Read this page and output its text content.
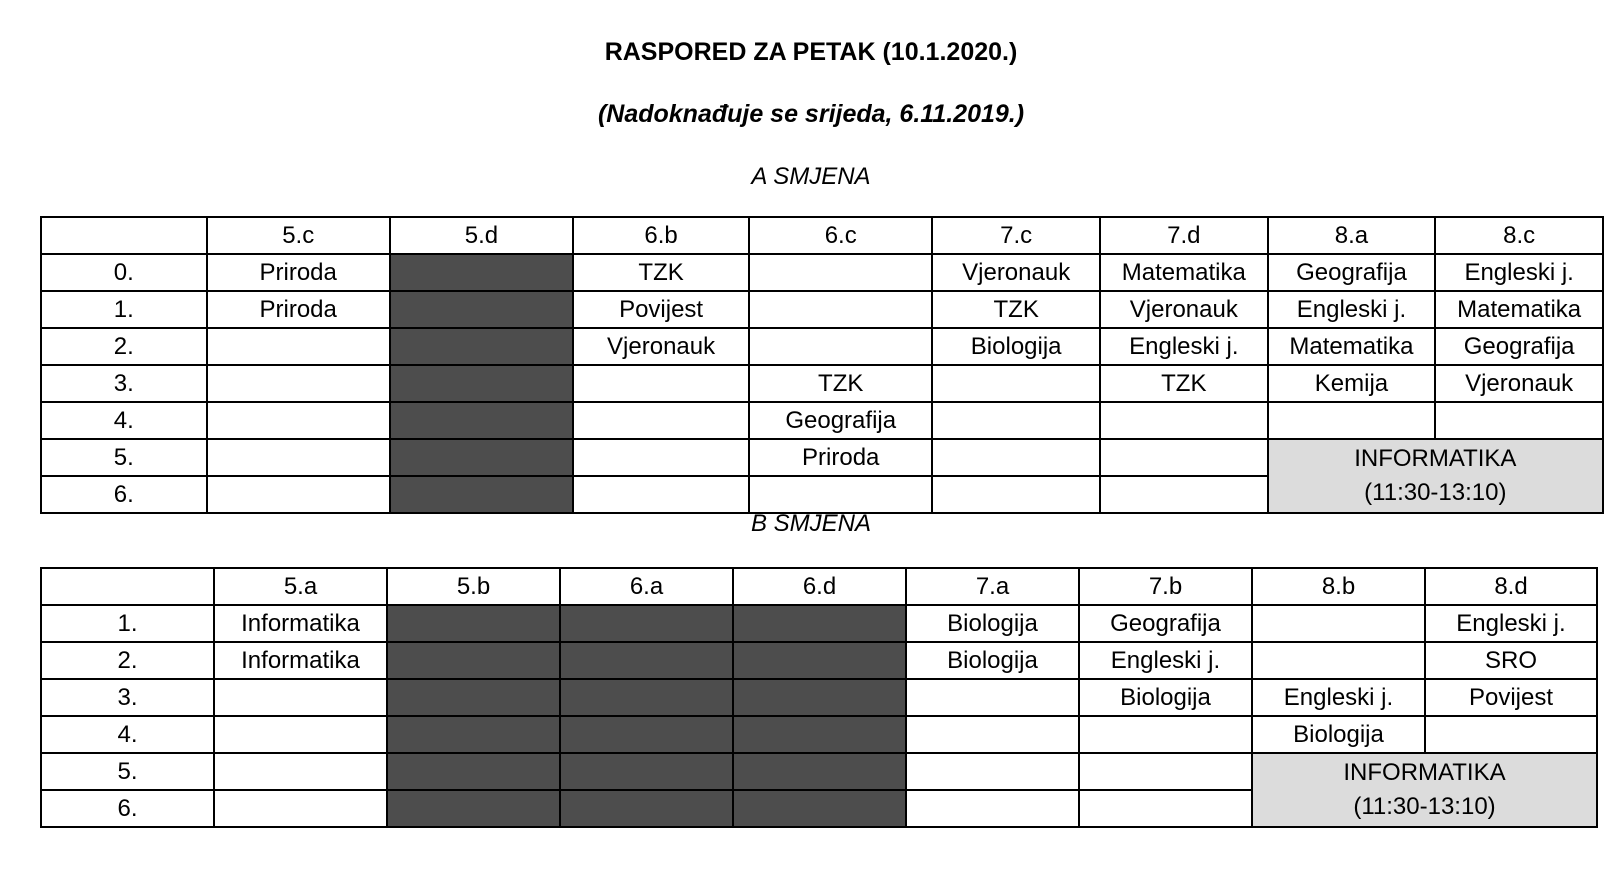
RASPORED ZA PETAK (10.1.2020.)
(Nadoknađuje se srijeda, 6.11.2019.)
A SMJENA
	5.c	5.d	6.b	6.c	7.c	7.d	8.a	8.c
0.	Priroda		TZK		Vjeronauk	Matematika	Geografija	Engleski j.
1.	Priroda		Povijest		TZK	Vjeronauk	Engleski j.	Matematika
2.			Vjeronauk		Biologija	Engleski j.	Matematika	Geografija
3.				TZK		TZK	Kemija	Vjeronauk
4.				Geografija				
5.				Priroda			INFORMATIKA
(11:30-13:10)	

6.								
B SMJENA
	5.a	5.b	6.a	6.d	7.a	7.b	8.b	8.d
1.	Informatika				Biologija	Geografija		Engleski j.
2.	Informatika				Biologija	Engleski j.		SRO
3.						Biologija	Engleski j.	Povijest
4.							Biologija	
5.							INFORMATIKA
(11:30-13:10)	

6.								
